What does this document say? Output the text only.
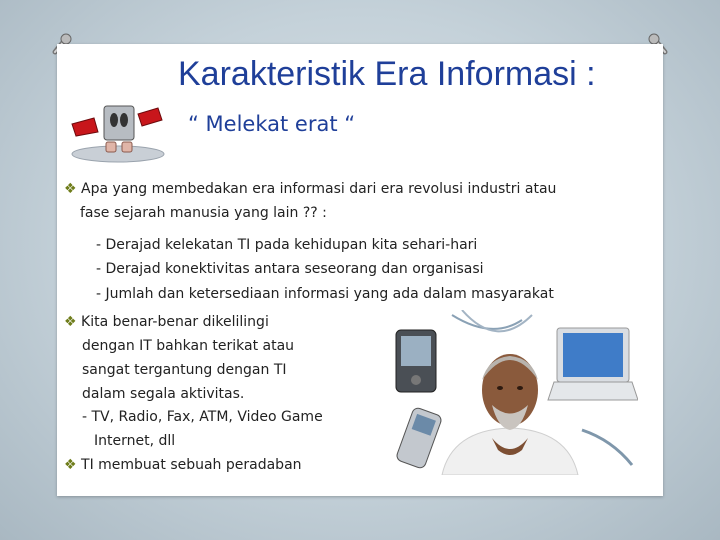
Karakteristik Era Informasi :
“ Melekat erat “
❖ Apa yang membedakan era informasi dari era revolusi industri atau
fase sejarah manusia yang lain ?? :
- Derajad kelekatan TI pada kehidupan kita sehari-hari
- Derajad konektivitas antara seseorang dan organisasi
- Jumlah dan ketersediaan informasi yang ada dalam masyarakat
❖ Kita benar-benar dikelilingi
dengan IT bahkan terikat atau
sangat tergantung dengan TI
dalam segala aktivitas.
- TV, Radio, Fax, ATM, Video Game
Internet, dll
❖ TI membuat sebuah peradaban
